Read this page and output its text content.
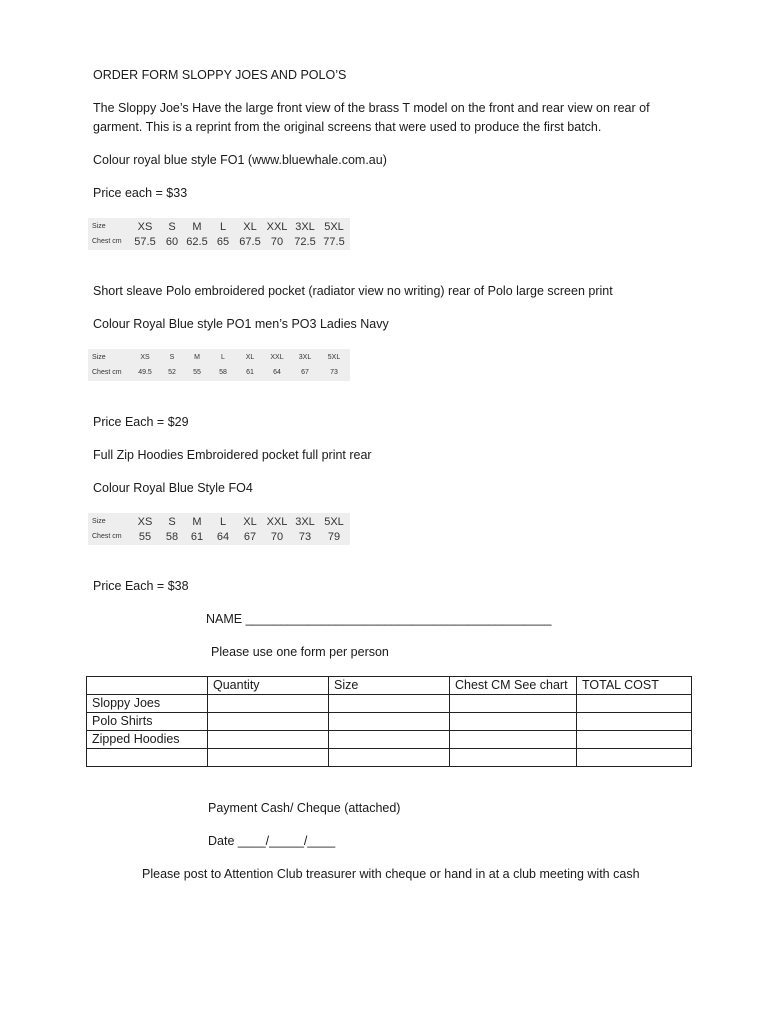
ORDER FORM SLOPPY JOES AND POLO’S
The Sloppy Joe’s Have the large front view of the brass T model on the front and rear view on rear of garment. This is a reprint from the original screens that were used to produce the first batch.
Colour royal blue style FO1 (www.bluewhale.com.au)
Price each = $33
Size	XS S M L XL XXL 3XL 5XL
Chest cm 57.5 60 62.5 65 67.5 70 72.5 77.5
Short sleave Polo embroidered pocket (radiator view no writing) rear of Polo large screen print
Colour Royal Blue style PO1 men’s PO3 Ladies Navy
Size	XS	S	M	L	XL XXL 3XL 5XL
Chest cm 49.5 52 55	58	61	64	67	73
Price Each = $29
Full Zip Hoodies Embroidered pocket full print rear
Colour Royal Blue Style FO4
Size	XS S M L XL XXL 3XL 5XL
Chest cm 55 58 61 64 67 70 73 79
Price Each = $38
NAME ____________________________________________
Please use one form per person
	Quantity	Size	Chest CM See chart	TOTAL COST
Sloppy Joes				
Polo Shirts				
Zipped Hoodies				

Payment Cash/ Cheque (attached)
Date ____/_____/____
Please post to Attention Club treasurer with cheque or hand in at a club meeting with cash
